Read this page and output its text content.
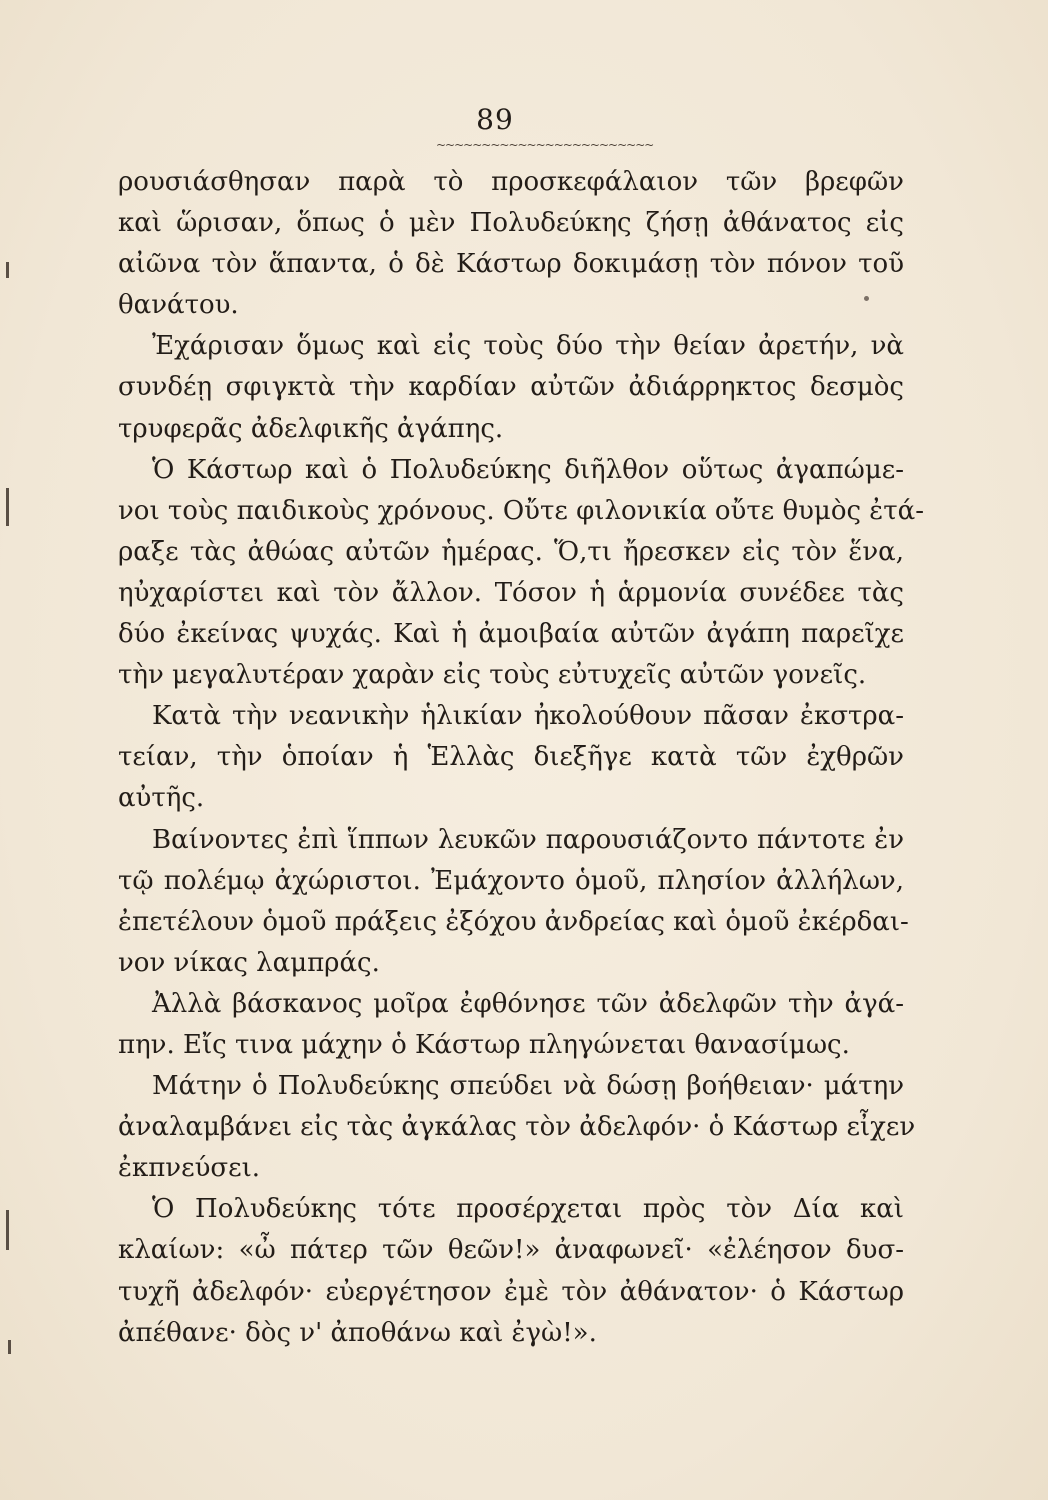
89
~~~~~~~~~~~~~~~~~~~~~~~~
ρουσιάσθησαν παρὰ τὸ προσκεφάλαιον τῶν βρεφῶν
καὶ ὥρισαν, ὅπως ὁ μὲν Πολυδεύκης ζήσῃ ἀθάνατος εἰς
αἰῶνα τὸν ἅπαντα, ὁ δὲ Κάστωρ δοκιμάσῃ τὸν πόνον τοῦ
θανάτου.
Ἐχάρισαν ὅμως καὶ εἰς τοὺς δύο τὴν θείαν ἀρετήν, νὰ
συνδέῃ σφιγκτὰ τὴν καρδίαν αὐτῶν ἀδιάρρηκτος δεσμὸς
τρυφερᾶς ἀδελφικῆς ἀγάπης.
Ὁ Κάστωρ καὶ ὁ Πολυδεύκης διῆλθον οὕτως ἀγαπώμε-
νοι τοὺς παιδικοὺς χρόνους. Οὔτε φιλονικία οὔτε θυμὸς ἐτά-
ραξε τὰς ἀθώας αὐτῶν ἡμέρας. Ὅ,τι ἤρεσκεν εἰς τὸν ἕνα,
ηὐχαρίστει καὶ τὸν ἄλλον. Τόσον ἡ ἁρμονία συνέδεε τὰς
δύο ἐκείνας ψυχάς. Καὶ ἡ ἀμοιβαία αὐτῶν ἀγάπη παρεῖχε
τὴν μεγαλυτέραν χαρὰν εἰς τοὺς εὐτυχεῖς αὐτῶν γονεῖς.
Κατὰ τὴν νεανικὴν ἡλικίαν ἠκολούθουν πᾶσαν ἐκστρα-
τείαν, τὴν ὁποίαν ἡ Ἑλλὰς διεξῆγε κατὰ τῶν ἐχθρῶν
αὐτῆς.
Βαίνοντες ἐπὶ ἵππων λευκῶν παρουσιάζοντο πάντοτε ἐν
τῷ πολέμῳ ἀχώριστοι. Ἐμάχοντο ὁμοῦ, πλησίον ἀλλήλων,
ἐπετέλουν ὁμοῦ πράξεις ἐξόχου ἀνδρείας καὶ ὁμοῦ ἐκέρδαι-
νον νίκας λαμπράς.
Ἀλλὰ βάσκανος μοῖρα ἐφθόνησε τῶν ἀδελφῶν τὴν ἀγά-
πην. Εἴς τινα μάχην ὁ Κάστωρ πληγώνεται θανασίμως.
Μάτην ὁ Πολυδεύκης σπεύδει νὰ δώσῃ βοήθειαν· μάτην
ἀναλαμβάνει εἰς τὰς ἀγκάλας τὸν ἀδελφόν· ὁ Κάστωρ εἶχεν
ἐκπνεύσει.
Ὁ Πολυδεύκης τότε προσέρχεται πρὸς τὸν Δία καὶ
κλαίων: «ὦ πάτερ τῶν θεῶν!» ἀναφωνεῖ· «ἐλέησον δυσ-
τυχῆ ἀδελφόν· εὐεργέτησον ἐμὲ τὸν ἀθάνατον· ὁ Κάστωρ
ἀπέθανε· δὸς ν' ἀποθάνω καὶ ἐγὼ!».
